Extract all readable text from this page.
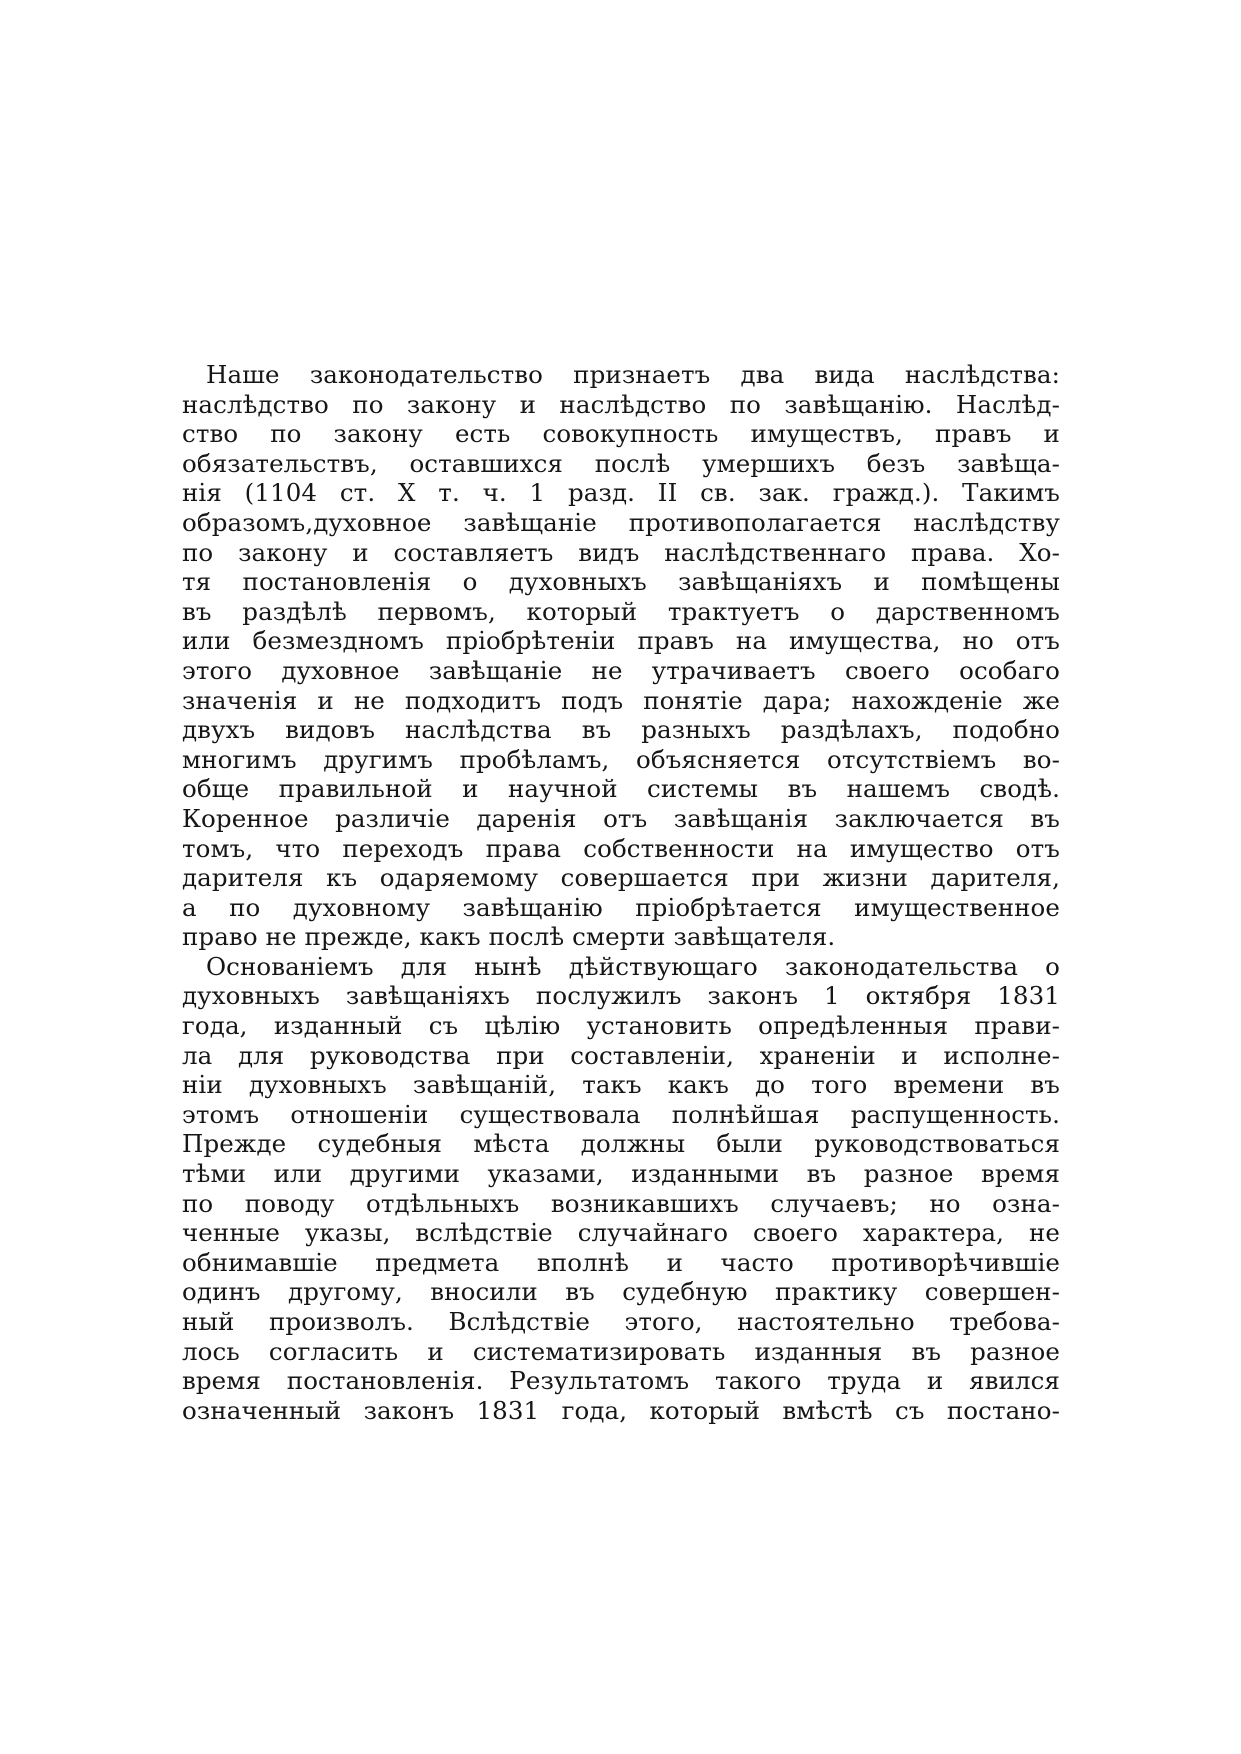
Наше законодательство признаетъ два вида наслѣдства:
наслѣдство по закону и наслѣдство по завѣщанію. Наслѣд-
ство по закону есть совокупность имуществъ, правъ и
обязательствъ, оставшихся послѣ умершихъ безъ завѣща-
нія (1104 ст. X т. ч. 1 разд. II св. зак. гражд.). Такимъ
образомъ,духовное завѣщаніе противополагается наслѣдству
по закону и составляетъ видъ наслѣдственнаго права. Хо-
тя постановленія о духовныхъ завѣщаніяхъ и помѣщены
въ раздѣлѣ первомъ, который трактуетъ о дарственномъ
или безмездномъ пріобрѣтеніи правъ на имущества, но отъ
этого духовное завѣщаніе не утрачиваетъ своего особаго
значенія и не подходитъ подъ понятіе дара; нахожденіе же
двухъ видовъ наслѣдства въ разныхъ раздѣлахъ, подобно
многимъ другимъ пробѣламъ, объясняется отсутствіемъ во-
обще правильной и научной системы въ нашемъ сводѣ.
Коренное различіе даренія отъ завѣщанія заключается въ
томъ, что переходъ права собственности на имущество отъ
дарителя къ одаряемому совершается при жизни дарителя,
а по духовному завѣщанію пріобрѣтается имущественное
право не прежде, какъ послѣ смерти завѣщателя.
Основаніемъ для нынѣ дѣйствующаго законодательства о
духовныхъ завѣщаніяхъ послужилъ законъ 1 октября 1831
года, изданный съ цѣлію установить опредѣленныя прави-
ла для руководства при составленіи, храненіи и исполне-
ніи духовныхъ завѣщаній, такъ какъ до того времени въ
этомъ отношеніи существовала полнѣйшая распущенность.
Прежде судебныя мѣста должны были руководствоваться
тѣми или другими указами, изданными въ разное время
по поводу отдѣльныхъ возникавшихъ случаевъ; но озна-
ченные указы, вслѣдствіе случайнаго своего характера, не
обнимавшіе предмета вполнѣ и часто противорѣчившіе
одинъ другому, вносили въ судебную практику совершен-
ный произволъ. Вслѣдствіе этого, настоятельно требова-
лось согласить и систематизировать изданныя въ разное
время постановленія. Результатомъ такого труда и явился
означенный законъ 1831 года, который вмѣстѣ съ постано-
